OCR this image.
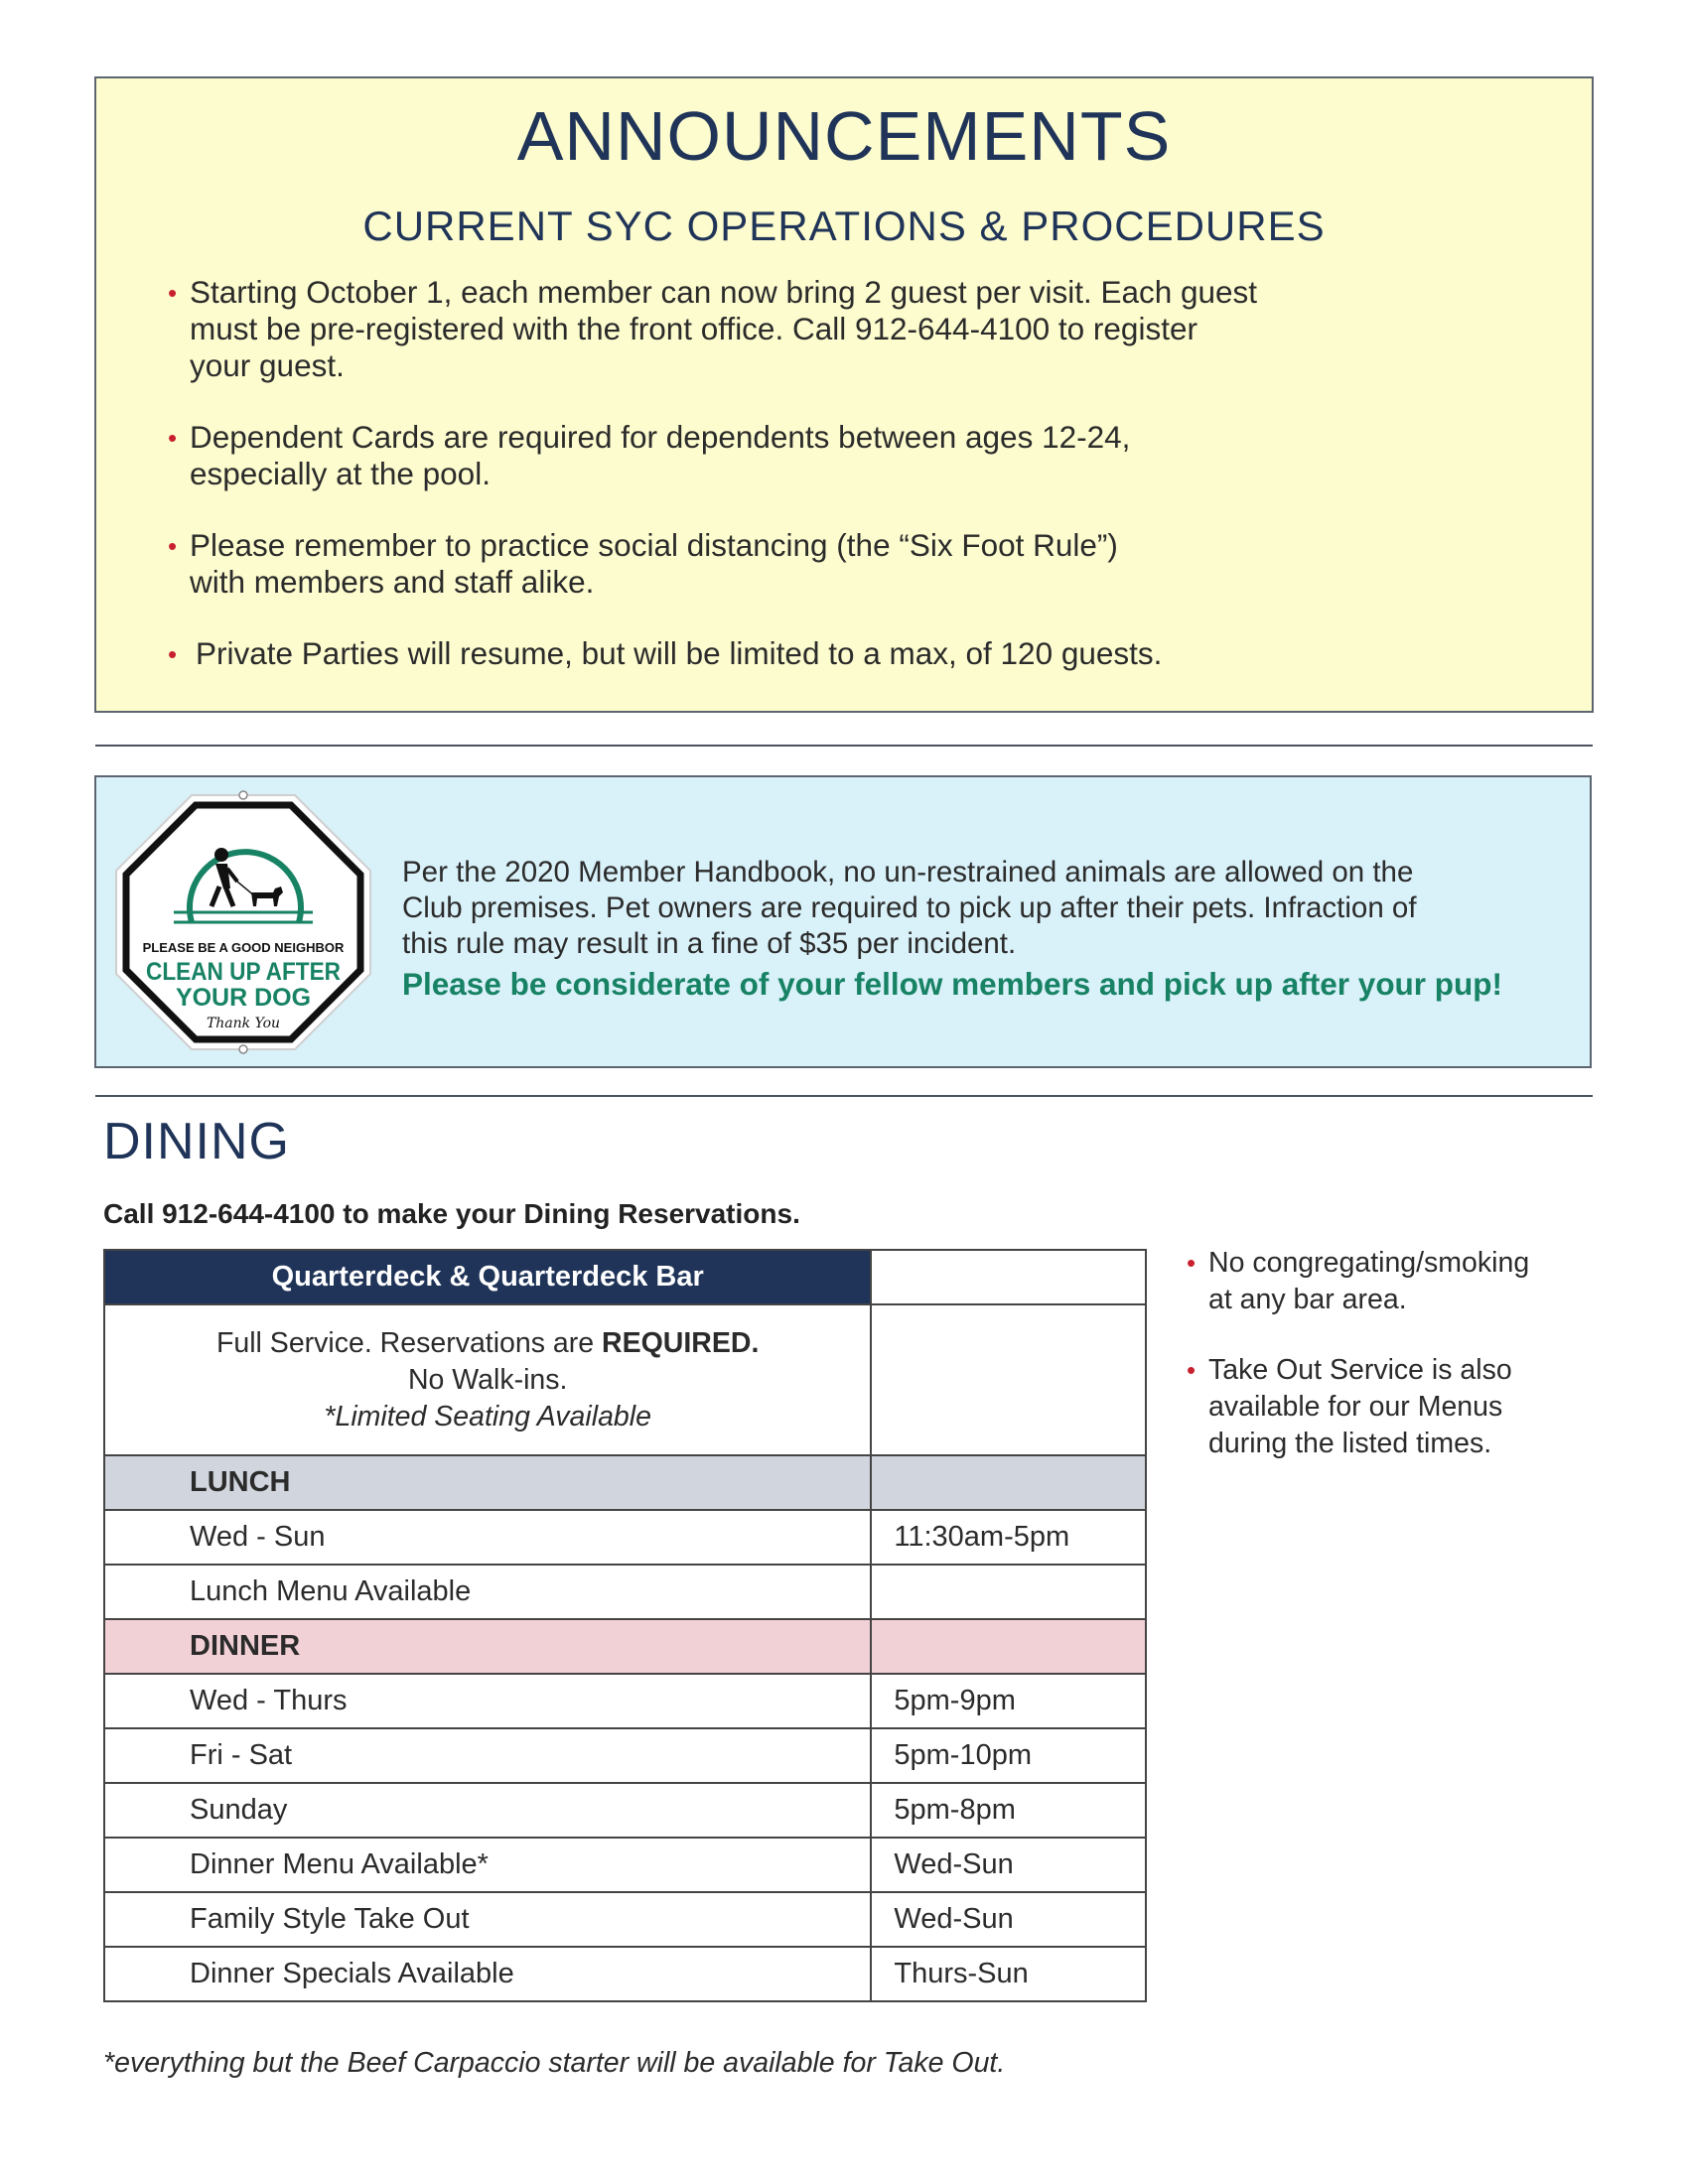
ANNOUNCEMENTS
CURRENT SYC OPERATIONS & PROCEDURES
• Starting October 1, each member can now bring 2 guest per visit. Each guest
must be pre-registered with the front office. Call 912-644-4100 to register
your guest.
• Dependent Cards are required for dependents between ages 12-24,
especially at the pool.
• Please remember to practice social distancing (the “Six Foot Rule”)
with members and staff alike.
• Private Parties will resume, but will be limited to a max, of 120 guests.
PLEASE BE A GOOD NEIGHBOR
CLEAN UP AFTER
YOUR DOG
Thank You
Per the 2020 Member Handbook, no un-restrained animals are allowed on the
Club premises. Pet owners are required to pick up after their pets. Infraction of
this rule may result in a fine of $35 per incident.
Please be considerate of your fellow members and pick up after your pup!
DINING
Call 912-644-4100 to make your Dining Reservations.
Quarterdeck & Quarterdeck Bar	

Full Service. Reservations are REQUIRED.
No Walk-ins.
*Limited Seating Available	

LUNCH	
Wed - Sun	11:30am-5pm
Lunch Menu Available	
DINNER	
Wed - Thurs	5pm-9pm
Fri - Sat	5pm-10pm
Sunday	5pm-8pm
Dinner Menu Available*	Wed-Sun
Family Style Take Out	Wed-Sun
Dinner Specials Available	Thurs-Sun
*everything but the Beef Carpaccio starter will be available for Take Out.
• No congregating/smoking
at any bar area.
• Take Out Service is also
available for our Menus
during the listed times.
